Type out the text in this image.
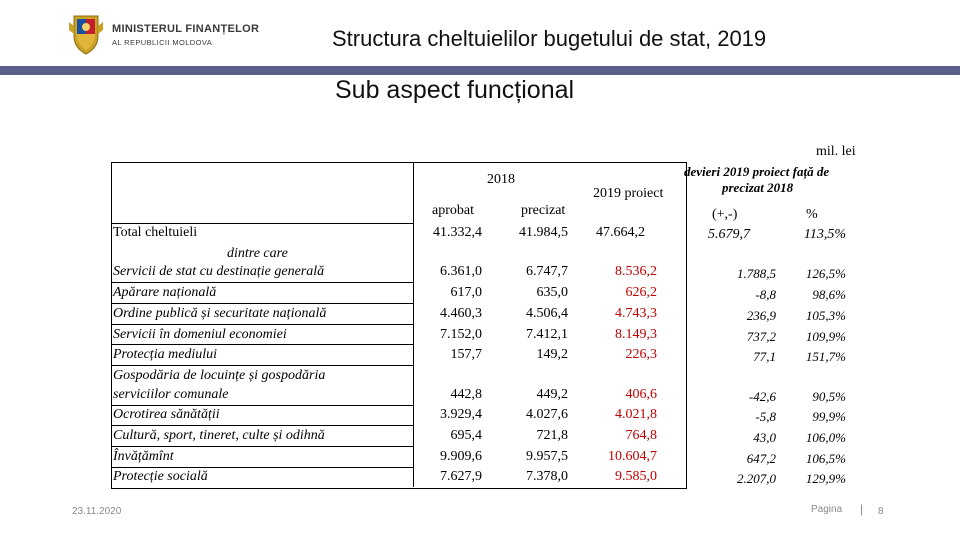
MINISTERUL FINANȚELOR
AL REPUBLICII MOLDOVA	Structura cheltuielilor bugetului de stat, 2019
Sub aspect funcțional
mil. lei
2018
aprobat	precizat
2019 proiect
devieri 2019 proiect față de
precizat 2018
(+,-)	%
Total cheltuieli	41.332,4	41.984,5 47.664,2	5.679,7	113,5%
dintre care
Servicii de stat cu destinație generală	6.361,0	6.747,7	8.536,2	1.788,5	126,5%
Apărare națională	617,0	635,0	626,2	-8,8	98,6%
Ordine publică și securitate națională	4.460,3	4.506,4	4.743,3	236,9	105,3%
Servicii în domeniul economiei	7.152,0	7.412,1	8.149,3	737,2	109,9%
Protecția mediului	157,7	149,2	226,3	77,1	151,7%
Gospodăria de locuințe și gospodăria
serviciilor comunale	442,8	449,2	406,6	-42,6	90,5%
Ocrotirea sănătății	3.929,4	4.027,6	4.021,8	-5,8	99,9%
Cultură, sport, tineret, culte și odihnă	695,4	721,8	764,8	43,0	106,0%
Învățămînt	9.909,6	9.957,5	10.604,7	647,2	106,5%
Protecție socială	7.627,9	7.378,0	9.585,0	2.207,0	129,9%
23.11.2020	Pagina | 8
